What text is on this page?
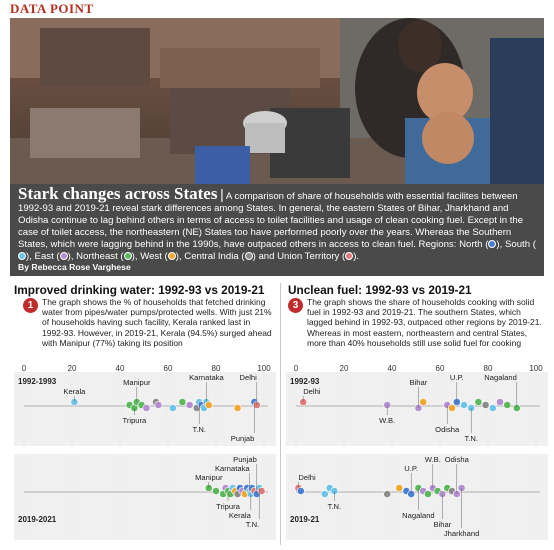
DATA POINT
Stark changes across States | A comparison of share of households with essential facilites between 1992-93 and 2019-21 reveal stark differences among States. In general, the eastern States of Bihar, Jharkhand and Odisha continue to lag behind others in terms of access to toilet facilities and usage of clean cooking fuel. Except in the case of toilet access, the northeastern (NE) States too have performed poorly over the years. Whereas the Southern States, which were lagging behind in the 1990s, have outpaced others in access to clean fuel. Regions: North ( ), South (), East ( ), Northeast ( ), West ( ), Central India ( ) and Union Territory ( ).
By Rebecca Rose Varghese
Improved drinking water: 1992-93 vs 2019-21
1	The graph shows the % of households that fetched drinking water from pipes/water pumps/protected wells. With just 21% of households having such facility, Kerala ranked last in 1992-93. However, in 2019-21, Kerala (94.5%) surged ahead with Manipur (77%) taking its position
0	20	40	60	80	100
1992-1993
Kerala
Tripura
Manipur
T.N.
Karnataka
Punjab
Delhi
2019-2021
Manipur
Tripura
Karnataka
Kerala
Punjab
T.N.
Unclean fuel: 1992-93 vs 2019-21
3	The graph shows the share of households cooking with solid fuel in 1992-93 and 2019-21. The southern States, which lagged behind in 1992-93, outpaced other regions by 2019-21. Whereas in most eastern, northeastern and central States, more than 40% households still use solid fuel for cooking
0	20	40	60	80	100
1992-93
Delhi
W.B.
Bihar
Odisha
U.P.
T.N.
Nagaland
2019-21
Delhi
T.N.
U.P.
Nagaland
W.B.
Bihar
Odisha
Jharkhand
